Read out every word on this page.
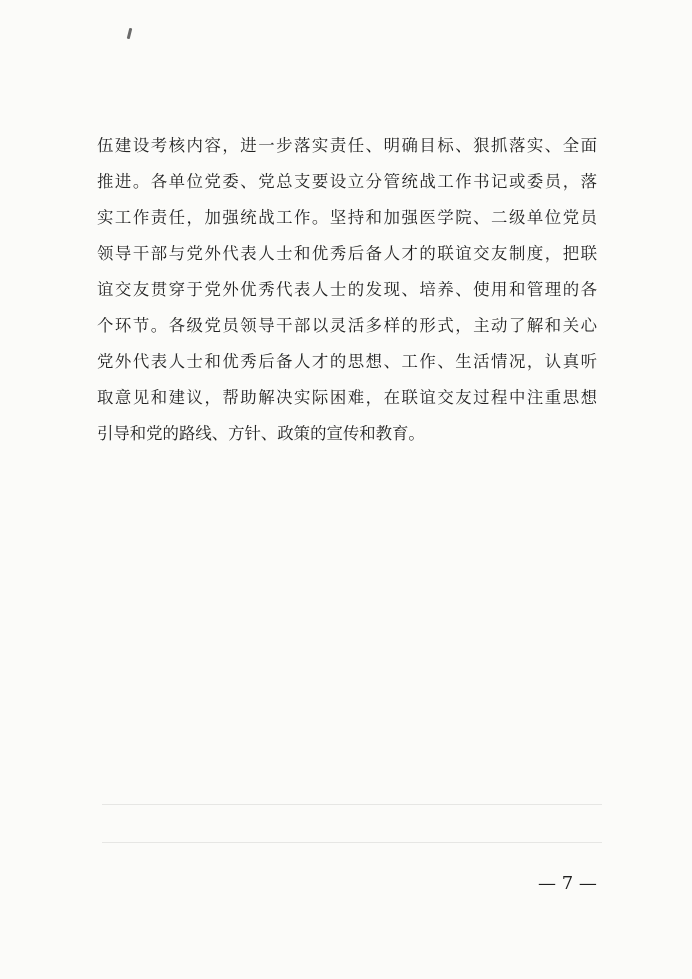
伍建设考核内容，进一步落实责任、明确目标、狠抓落实、全面
推进。各单位党委、党总支要设立分管统战工作书记或委员，落
实工作责任，加强统战工作。坚持和加强医学院、二级单位党员
领导干部与党外代表人士和优秀后备人才的联谊交友制度，把联
谊交友贯穿于党外优秀代表人士的发现、培养、使用和管理的各
个环节。各级党员领导干部以灵活多样的形式，主动了解和关心
党外代表人士和优秀后备人才的思想、工作、生活情况，认真听
取意见和建议，帮助解决实际困难，在联谊交友过程中注重思想
引导和党的路线、方针、政策的宣传和教育。
— 7 —
